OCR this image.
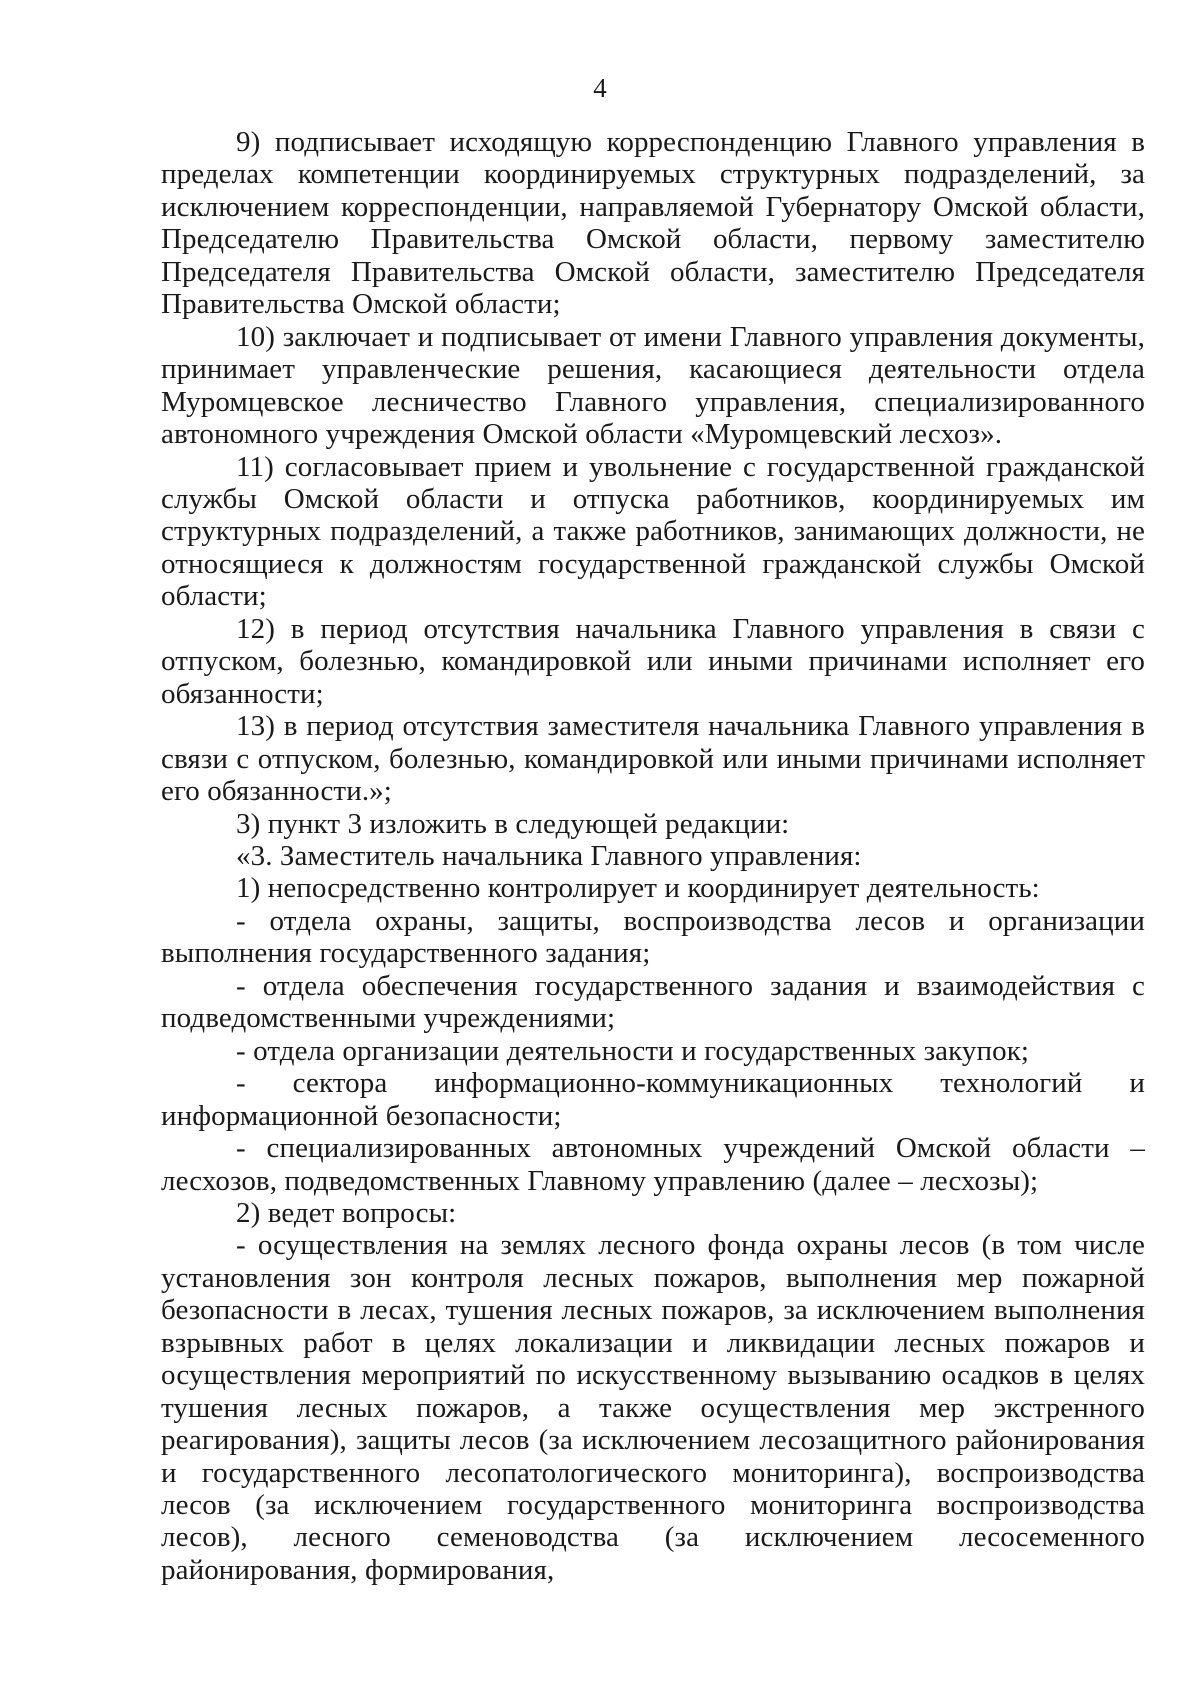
4

9) подписывает исходящую корреспонденцию Главного управления в пределах компетенции координируемых структурных подразделений, за исключением корреспонденции, направляемой Губернатору Омской области, Председателю Правительства Омской области, первому заместителю Председателя Правительства Омской области, заместителю Председателя Правительства Омской области;

10) заключает и подписывает от имени Главного управления документы, принимает управленческие решения, касающиеся деятельности отдела Муромцевское лесничество Главного управления, специализированного автономного учреждения Омской области «Муромцевский лесхоз».

11) согласовывает прием и увольнение с государственной гражданской службы Омской области и отпуска работников, координируемых им структурных подразделений, а также работников, занимающих должности, не относящиеся к должностям государственной гражданской службы Омской области;

12) в период отсутствия начальника Главного управления в связи с отпуском, болезнью, командировкой или иными причинами исполняет его обязанности;

13) в период отсутствия заместителя начальника Главного управления в связи с отпуском, болезнью, командировкой или иными причинами исполняет его обязанности.»;

3) пункт 3 изложить в следующей редакции:

«3. Заместитель начальника Главного управления:

1) непосредственно контролирует и координирует деятельность:

- отдела охраны, защиты, воспроизводства лесов и организации выполнения государственного задания;

- отдела обеспечения государственного задания и взаимодействия с подведомственными учреждениями;

- отдела организации деятельности и государственных закупок;

- сектора информационно-коммуникационных технологий и информационной безопасности;

- специализированных автономных учреждений Омской области – лесхозов, подведомственных Главному управлению (далее – лесхозы);

2) ведет вопросы:

- осуществления на землях лесного фонда охраны лесов (в том числе установления зон контроля лесных пожаров, выполнения мер пожарной безопасности в лесах, тушения лесных пожаров, за исключением выполнения взрывных работ в целях локализации и ликвидации лесных пожаров и осуществления мероприятий по искусственному вызыванию осадков в целях тушения лесных пожаров, а также осуществления мер экстренного реагирования), защиты лесов (за исключением лесозащитного районирования и государственного лесопатологического мониторинга), воспроизводства лесов (за исключением государственного мониторинга воспроизводства лесов), лесного семеноводства (за исключением лесосеменного районирования, формирования,
